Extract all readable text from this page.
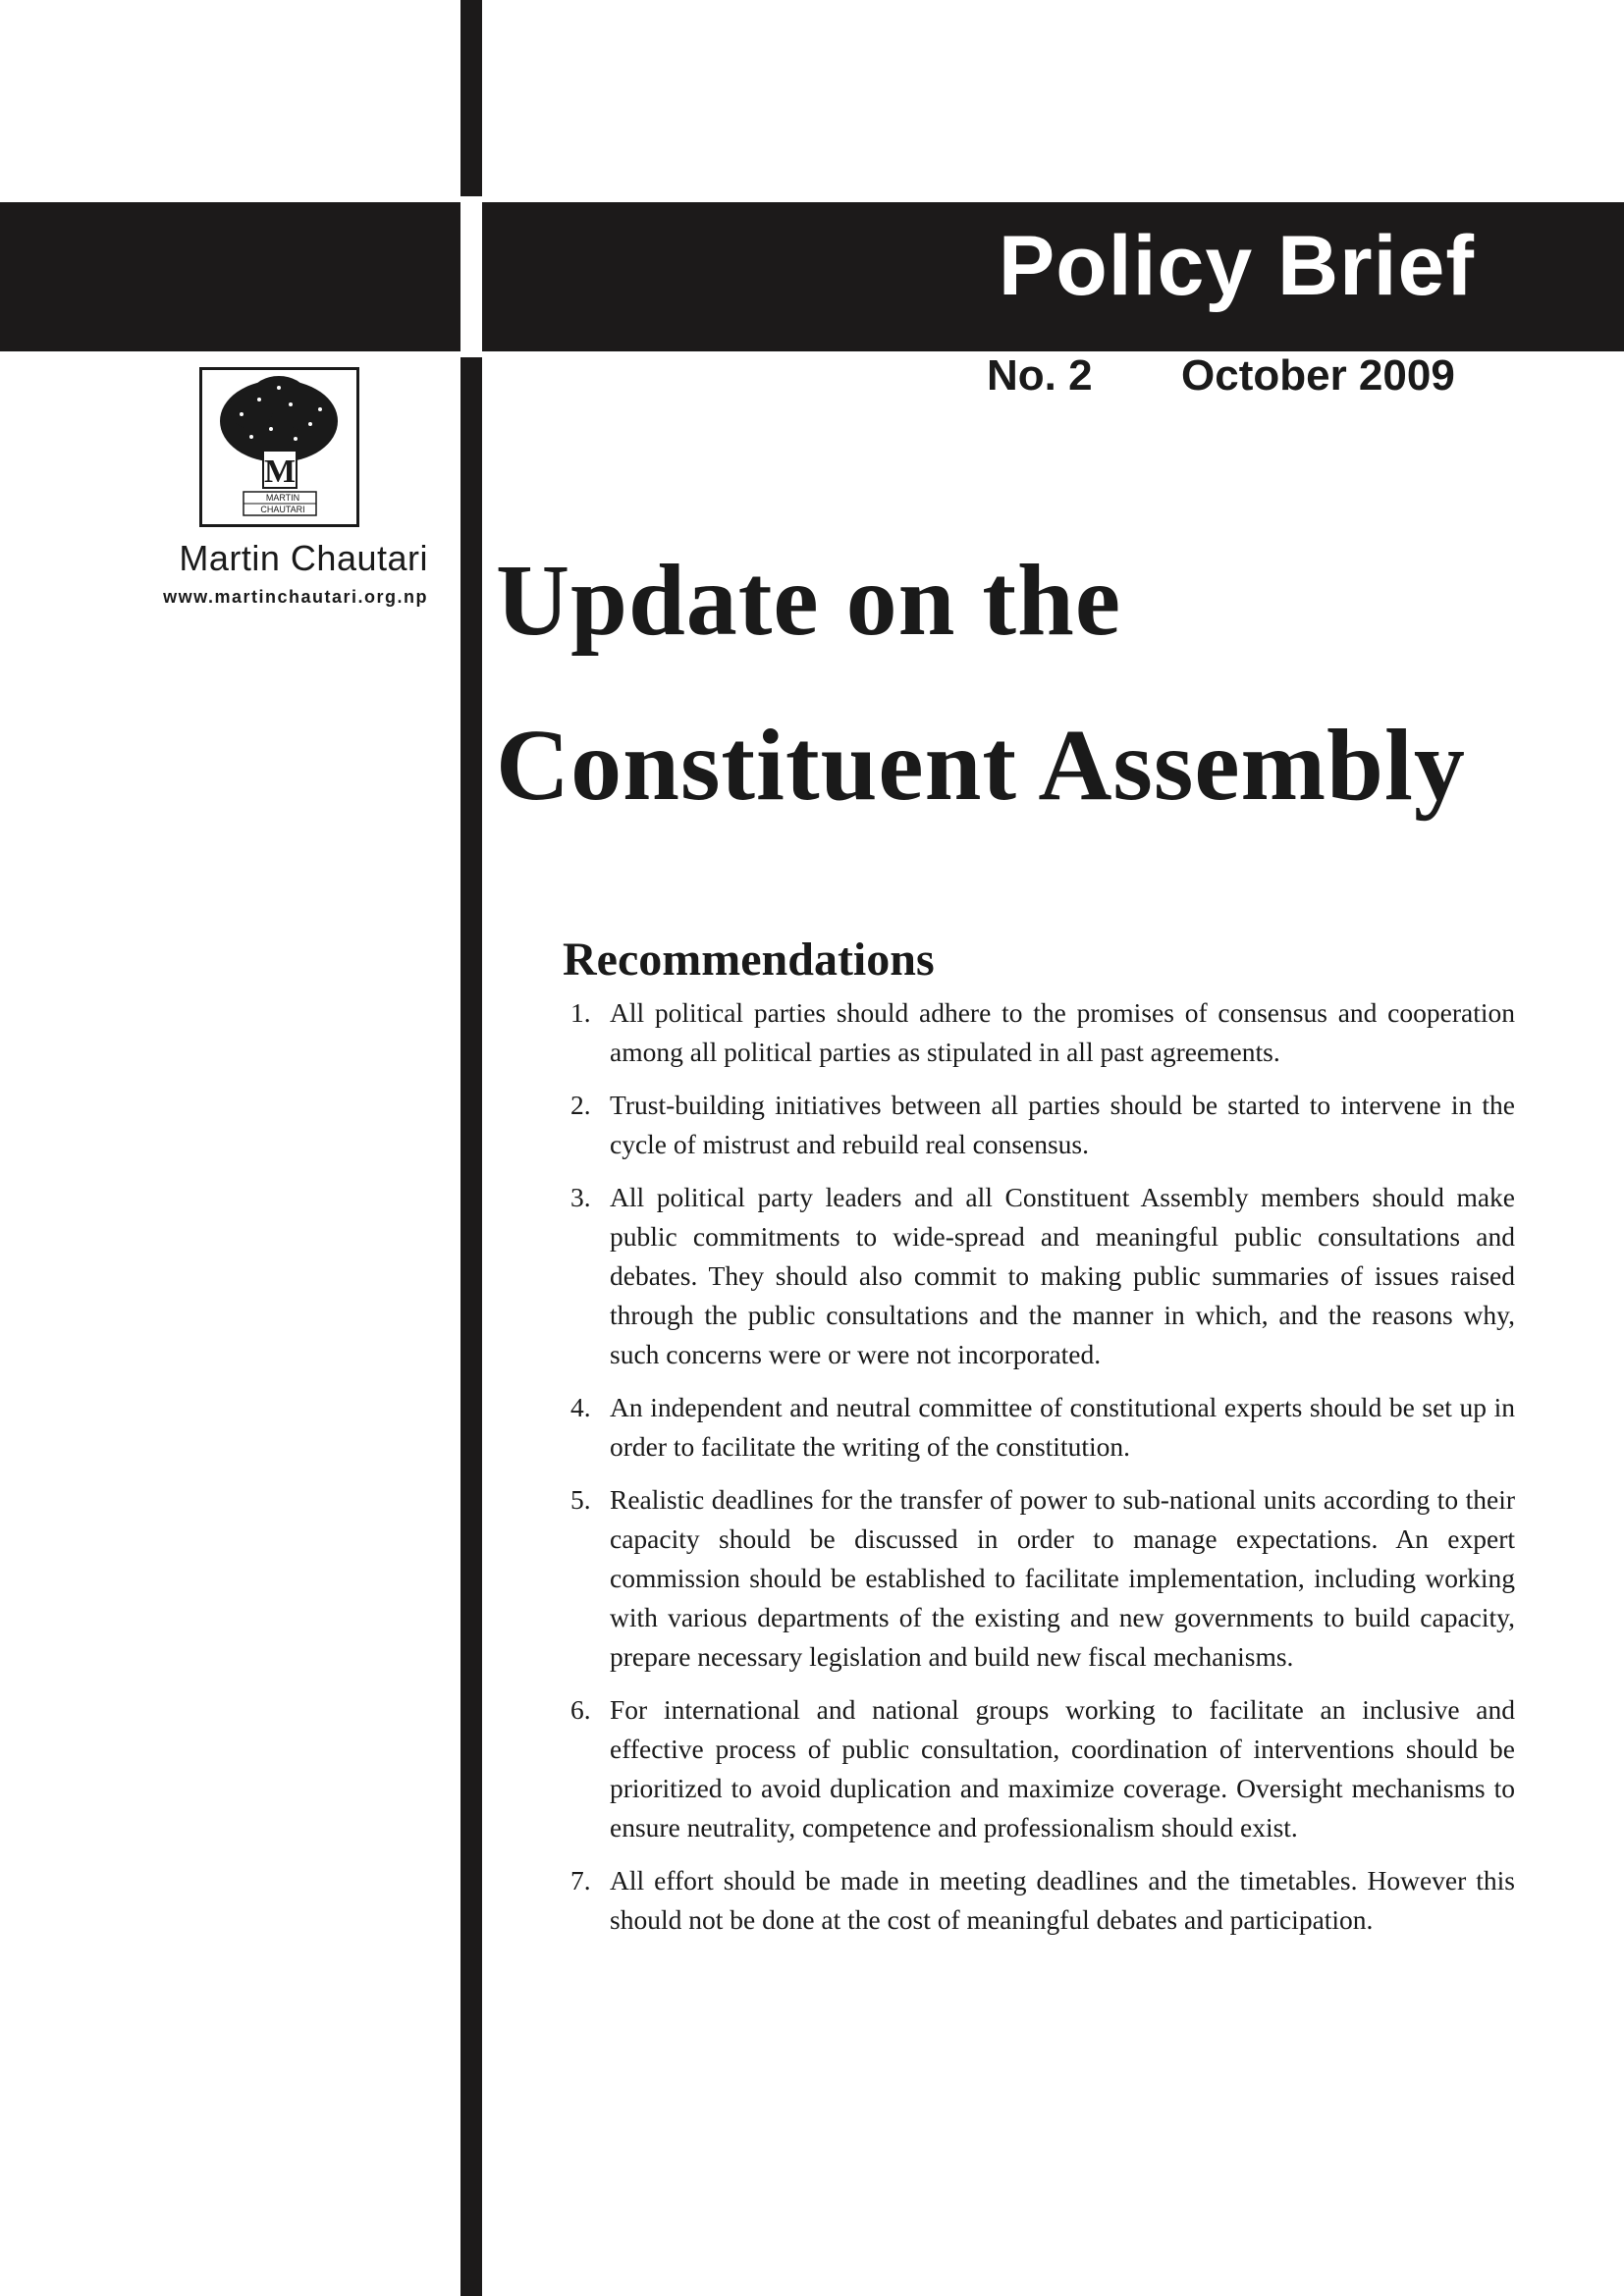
Policy Brief
No. 2 October 2009
M
MARTIN
CHAUTARI
Martin Chautari
www.martinchautari.org.np Update on the
Constituent Assembly
Recommendations
1. All political parties should adhere to the promises of consensus and cooperation among all political parties as stipulated in all past agreements.
2. Trust-building initiatives between all parties should be started to intervene in the cycle of mistrust and rebuild real consensus.
3. All political party leaders and all Constituent Assembly members should make public commitments to wide-spread and meaningful public consultations and debates. They should also commit to making public summaries of issues raised through the public consultations and the manner in which, and the reasons why, such concerns were or were not incorporated.
4. An independent and neutral committee of constitutional experts should be set up in order to facilitate the writing of the constitution.
5. Realistic deadlines for the transfer of power to sub-national units according to their capacity should be discussed in order to manage expectations. An expert commission should be established to facilitate implementation, including working with various departments of the existing and new governments to build capacity, prepare necessary legislation and build new fiscal mechanisms.
6. For international and national groups working to facilitate an inclusive and effective process of public consultation, coordination of interventions should be prioritized to avoid duplication and maximize coverage. Oversight mechanisms to ensure neutrality, competence and professionalism should exist.
7. All effort should be made in meeting deadlines and the timetables. However this should not be done at the cost of meaningful debates and participation.
